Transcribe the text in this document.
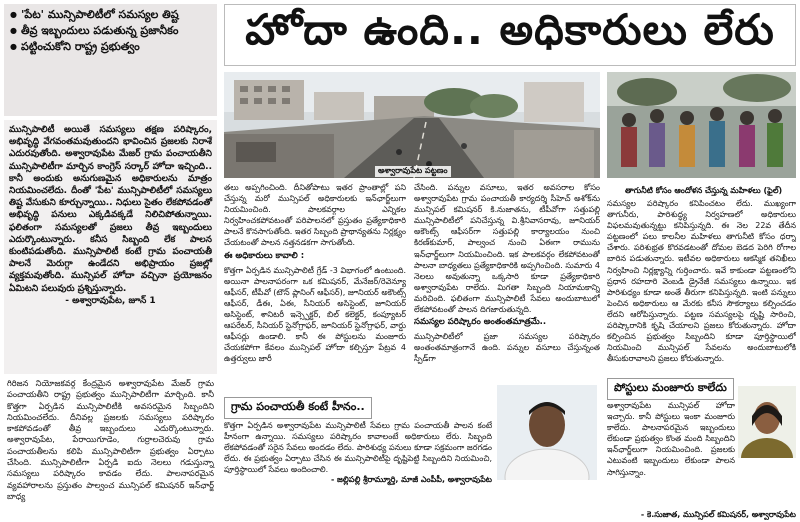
● 'పేట' మున్సిపాలిటీలో సమస్యల తిష్ట
● తీవ్ర ఇబ్బందులు పడుతున్న ప్రజానీకం
● పట్టించుకోని రాష్ట్ర ప్రభుత్వం

మున్సిపాలిటీ అయితే సమస్యలు తక్షణ పరిష్కారం, అభివృద్ధి వేగవంతమవుతుందని భావించిన ప్రజలకు నిరాశే ఎదురవుతోంది. అశ్వారావుపేట మేజర్ గ్రామ పంచాయతీని మున్సిపాలిటీగా మార్చిన కాంగ్రెస్ సర్కార్ హోదా ఇచ్చింది.. కానీ అందుకు అనుగుణమైన అధికారులను మాత్రం నియమించలేదు. దీంతో 'పేట' మున్సిపాలిటీలో సమస్యలు తిష్ట వేసుకుని కూర్చున్నాయి.. నిధులు సైతం లేకపోవడంతో అభివృద్ధి పనులు ఎక్కడివక్కడే నిలిచిపోతున్నాయి. ఫలితంగా సమస్యలతో ప్రజలు తీవ్ర ఇబ్బందులు ఎదుర్కొంటున్నారు. కనీస సిబ్బంది లేక పాలన కుంటిపడుతోంది. మున్సిపాలిటీ కంటే గ్రామ పంచాయతీ పాలనే మెరుగ్గా ఉండేదని అభిప్రాయం ప్రజల్లో వ్యక్తమవుతోంది. మున్సిపల్ హోదా వచ్చినా ప్రయోజనం ఏమిటని పలువురు ప్రశ్నిస్తున్నారు.

- అశ్వారావుపేట, జూన్ 1

గిరిజన నియోజకవర్గ కేంద్రమైన అశ్వారావుపేట మేజర్ గ్రామ పంచాయతీని రాష్ట్ర ప్రభుత్వం మున్సిపాలిటీగా మార్చింది. కానీ కొత్తగా ఏర్పడిన మున్సిపాలిటీకి అవసరమైన సిబ్బందిని నియమించలేదు. దీనివల్ల ప్రజలకు సమస్యలు పరిష్కారం కాకపోవడంతో తీవ్ర ఇబ్బందులు ఎదుర్కొంటున్నారు. అశ్వారావుపేట, పేరాయిగూడెం, గుర్రాలచెరువు గ్రామ పంచాయతీలను కలిపి మున్సిపాలిటీగా ప్రభుత్వం ఏర్పాటు చేసింది. మున్సిపాలిటీగా ఏర్పడి ఐదు నెలలు గడుస్తున్నా సమస్యలు పరిష్కారం కావడం లేదు. పాలనాపరమైన వ్యవహారాలను ప్రస్తుతం పాల్వంచ మున్సిపల్ కమిషనర్ ఇన్‌ఛార్జ్ బాధ్య

హోదా ఉంది.. అధికారులు లేరు
అశ్వారావుపేట పట్టణం
తాగునీటి కోసం ఆందోళన చేస్తున్న మహిళలు (ఫైల్)

తలు అప్పగించింది. దీనితోపాటు ఇతర ప్రాంతాల్లో పని చేస్తున్న మరో మున్సిపల్ అధికారులకు ఇన్‌ఛార్జ్‌లుగా నియమించింది. పాలకవర్గాల ఎన్నికల నిర్వహించకపోవటంతో పరిపాలనలో ప్రస్తుతం ప్రత్యేకాధికారి పాలనే కొనసాగుతోంది. ఇతర సిబ్బంది ప్రాథాన్యతను నిర్లక్ష్యం చేయటంతో పాలన నత్తనడకగా సాగుతోంది.

ఈ అధికారులు కావాలి :

కొత్తగా ఏర్పడిన మున్సిపాలిటీ గ్రేడ్ -3 విభాగంలో ఉంటుంది. అయినా పాలనాపరంగా ఒక కమిషనర్, మేనేజర్/రెవెన్యూ ఆఫీసర్, టీపీవో (టౌన్ ప్లానింగ్ ఆఫీసర్), జూనియర్ అకౌంట్స్ ఆఫీసర్, డీఈ, ఏఈ, సీనియర్ అసిస్టెంట్, జూనియర్ అసిస్టెంట్, శానిటరీ ఇన్స్పెక్టర్, బిల్ కలెక్టర్, కంప్యూటర్ ఆపరేటర్, సీనియర్ స్టెనోగ్రాఫర్, జూనియర్ స్టెనోగ్రాఫర్, వార్డు ఆఫీసర్లు ఉండాలి. కానీ ఈ పోస్టులను మంజూరు చేయకపోగా కేవలం మున్సిపల్ హోదా కల్పిస్తూ పేట్రవ 4 ఉత్తర్వులు జారీ

చేసింది. పన్నుల వసూలు, ఇతర అవసరాల కోసం అశ్వారావుపేట గ్రామ పంచాయతీ కార్యదర్శి సీహెచ్ అశోక్‌ను మున్సిపల్ కమిషనర్ కి.నుజాతను, టీపీవోగా సత్తుపల్లి మున్సిపాలిటీలో పనిచేస్తున్న వి.శ్రీనివాసరావు, జూనియర్ అకౌంట్స్ ఆఫీసర్‌గా సత్తుపల్లి కార్యాలయం నుంచి కిరణ్‌కుమార్, పాల్వంచ నుంచి ఏఈగా రామును ఇన్‌ఛార్జ్‌లుగా నియమించింది. ఇక పాలకవర్గం లేకపోవటంతో పాలనా బాధ్యతలు ప్రత్యేకాధికారికి అప్పగించింది. సుమారు 4 నెలలు అవుతున్నా ఒక్కసారి కూడా ప్రత్యేకాధికారి అశ్వారావుపేట రాలేదు. మిగతా సిబ్బంది నియామకాన్ని మరిచింది. ఫలితంగా మున్సిపాలిటీ సేవలు అందుబాటులో లేకపోవటంతో పాలన దిగజారుతున్నది.

సమస్యల పరిష్కారం అంతంతమాత్రమే..

మున్సిపాలిటీలో ప్రజా సమస్యల పరిష్కారం అంతంతమాత్రంగానే ఉంది. పన్నుల వసూలు చేస్తున్నంత స్పీడ్‌గా

సమస్యల పరిష్కారం కనిపించటం లేదు. ముఖ్యంగా తాగునీరు, పారిశుద్ధ్య నిర్వహణలో అధికారులు విఫలమవుతున్నట్టు కనిపిస్తున్నది. ఈ నెల 22వ తేదీన పట్టణంలో పలు కాలనీల మహిళలు తాగునీటి కోసం ధర్నా చేశారు. పరిశుభ్రత కొరవడటంతో దోమల బెడద పెరిగి రోగాల బారిన పడుతున్నారు. ఇటీవల అధికారులు ఆకస్మిక తనిఖీలు నిర్వహించి నిర్లక్ష్యాన్ని గుర్తించారు. ఇవే కాకుండా పట్టణంలోని ప్రధాన రహదారి వెంబడి డ్రైనేజీ సమస్యలు ఉన్నాయి. ఇక పారిశుధ్యం కూడా అంతే తీరుగా కనిపిస్తున్నది. ఇంటి పన్నులు పెంచిన అధికారులు ఆ మేరకు కనీస సౌకర్యాలు కల్పించడం లేదని ఆరోపిస్తున్నారు. పట్టణ సమస్యలపై దృష్టి సారించి, పరిష్కారానికి కృషి చేయాలని ప్రజలు కోరుతున్నారు. హోదా కల్పించిన ప్రభుత్వం సిబ్బందిని కూడా పూర్తిస్థాయిలో నియమించి మున్సిపల్ సేవలను అందుబాటులోకి తీసుకురావాలని ప్రజలు కోరుతున్నారు.

గ్రామ పంచాయతీ కంటే హీనం..

కొత్తగా ఏర్పడిన అశ్వారావుపేట మున్సిపాలిటీ సేవలు గ్రామ పంచాయతీ పాలన కంటే హీనంగా ఉన్నాయి. సమస్యలు పరిష్కారం కావాలంటే అధికారులు లేరు. సిబ్బంది లేకపోవడంతో సరైన సేవలు అందడం లేదు. పారిశుధ్య పనులు కూడా సక్రమంగా జరగడం లేదు. ఈ ప్రభుత్వం ఏర్పాటు చేసిన ఈ మున్సిపాలిటీపై దృష్టిపెట్టి సిబ్బందిని నియమించి, పూర్తిస్థాయిలో సేవలు అందించాలి.

- జల్లిపల్లి శ్రీరామ్మూర్తి, మాజీ ఎంపీపీ, అశ్వారావుపేట
పోస్టులు మంజూరు కాలేదు

అశ్వారావుపేట మున్సిపల్ హోదా ఇచ్చారు. కానీ పోస్టులు ఇంకా మంజూరు కాలేదు. పాలనాపరమైన ఇబ్బందులు లేకుండా ప్రభుత్వం కొంత మంది సిబ్బందిని ఇన్‌ఛార్జ్‌లుగా నియమించింది. ప్రజలకు ఎటువంటి ఇబ్బందులు లేకుండా పాలన సాగిస్తున్నాం.

- కె.సుజాత, మున్సిపల్ కమిషనర్, అశ్వారావుపేట
